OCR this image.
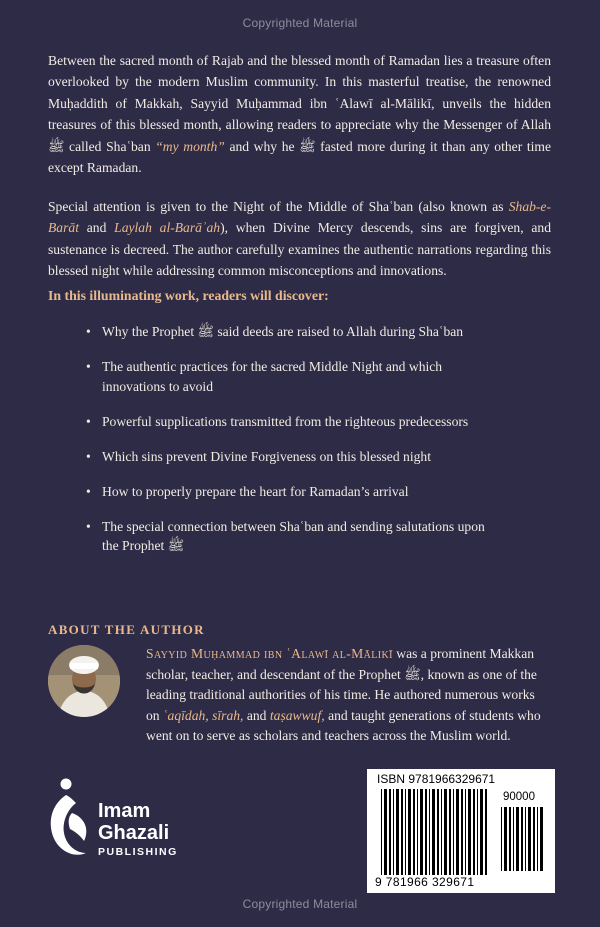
Copyrighted Material

Between the sacred month of Rajab and the blessed month of Ramadan lies a treasure often overlooked by the modern Muslim community. In this masterful treatise, the renowned Muḥaddith of Makkah, Sayyid Muḥammad ibn ʿAlawī al-Mālikī, unveils the hidden treasures of this blessed month, allowing readers to appreciate why the Messenger of Allah ﷺ called Shaʿban “my month” and why he ﷺ fasted more during it than any other time except Ramadan.

Special attention is given to the Night of the Middle of Shaʿban (also known as Shab-e-Barāt and Laylah al-Barāʾah), when Divine Mercy descends, sins are forgiven, and sustenance is decreed. The author carefully examines the authentic narrations regarding this blessed night while addressing common misconceptions and innovations.

In this illuminating work, readers will discover:

• Why the Prophet ﷺ said deeds are raised to Allah during Shaʿban
• The authentic practices for the sacred Middle Night and which innovations to avoid
• Powerful supplications transmitted from the righteous predecessors
• Which sins prevent Divine Forgiveness on this blessed night
• How to properly prepare the heart for Ramadan’s arrival
• The special connection between Shaʿban and sending salutations upon the Prophet ﷺ

ABOUT THE AUTHOR

Sayyid Muḥammad ibn ʿAlawī al-Mālikī was a prominent Makkan scholar, teacher, and descendant of the Prophet ﷺ, known as one of the leading traditional authorities of his time. He authored numerous works on ʿaqīdah, sīrah, and taṣawwuf, and taught generations of students who went on to serve as scholars and teachers across the Muslim world.

Imam
Ghazali
PUBLISHING
ISBN 9781966329671
90000
9 781966 329671
Copyrighted Material
